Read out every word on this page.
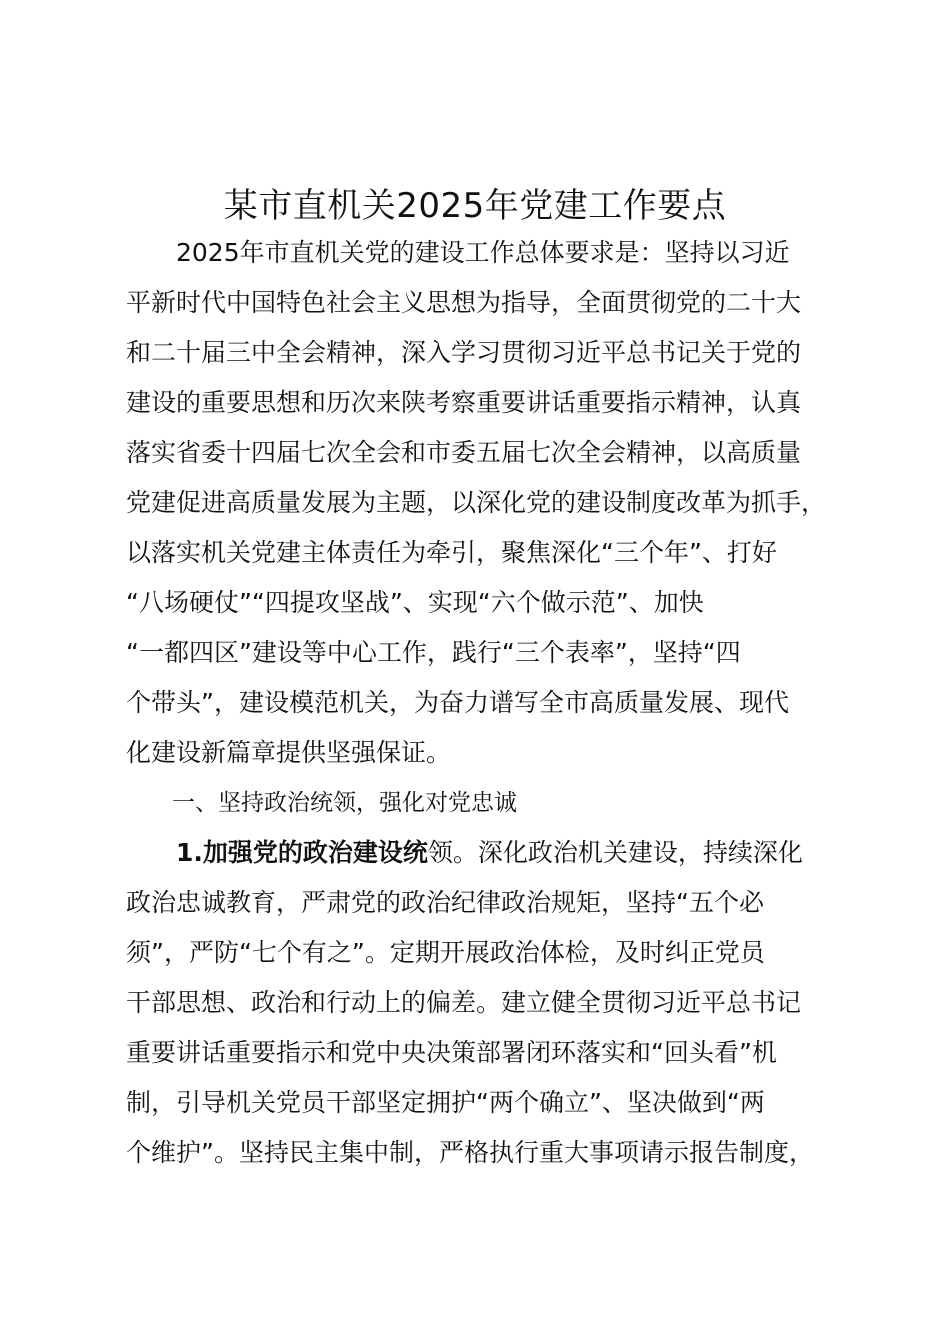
某市直机关2025年党建工作要点

　　2025年市直机关党的建设工作总体要求是：坚持以习近

平新时代中国特色社会主义思想为指导，全面贯彻党的二十大

和二十届三中全会精神，深入学习贯彻习近平总书记关于党的

建设的重要思想和历次来陕考察重要讲话重要指示精神，认真

落实省委十四届七次全会和市委五届七次全会精神，以高质量

党建促进高质量发展为主题，以深化党的建设制度改革为抓手，

以落实机关党建主体责任为牵引，聚焦深化“三个年”、打好

“八场硬仗”“四提攻坚战”、实现“六个做示范”、加快

“一都四区”建设等中心工作，践行“三个表率”，坚持“四

个带头”，建设模范机关，为奋力谱写全市高质量发展、现代

化建设新篇章提供坚强保证。

　　一、坚持政治统领，强化对党忠诚

　　1.加强党的政治建设统领。深化政治机关建设，持续深化

政治忠诚教育，严肃党的政治纪律政治规矩，坚持“五个必

须”，严防“七个有之”。定期开展政治体检，及时纠正党员

干部思想、政治和行动上的偏差。建立健全贯彻习近平总书记

重要讲话重要指示和党中央决策部署闭环落实和“回头看”机

制，引导机关党员干部坚定拥护“两个确立”、坚决做到“两

个维护”。坚持民主集中制，严格执行重大事项请示报告制度，
